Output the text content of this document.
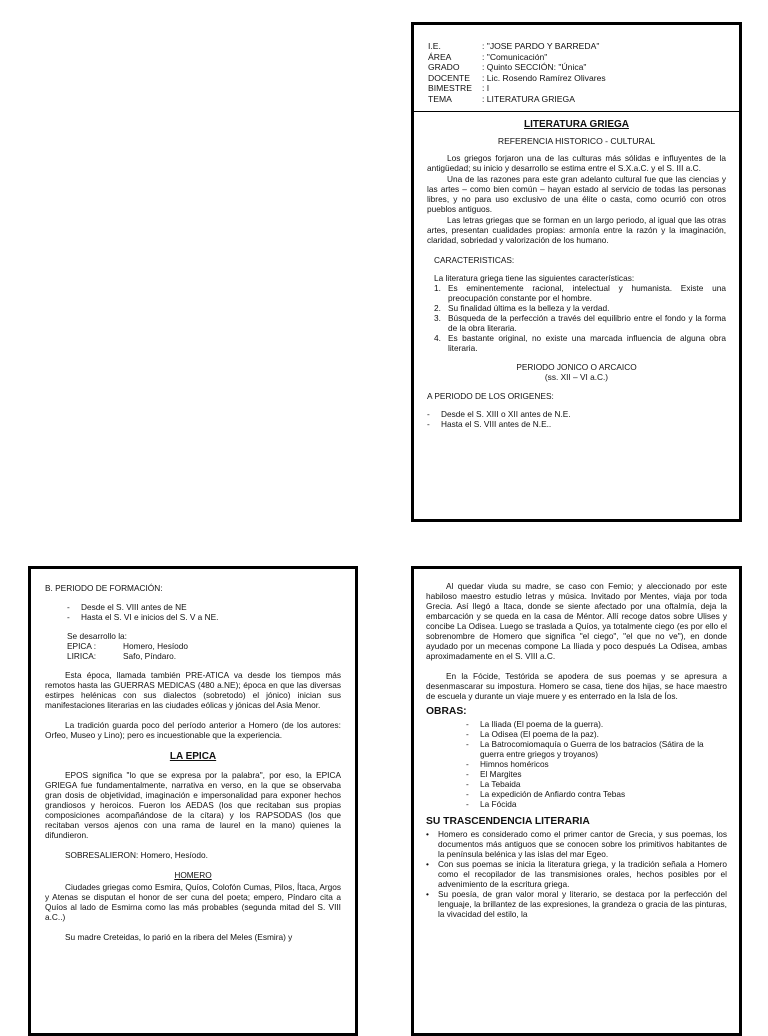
I.E.	: "JOSE PARDO Y BARREDA"
ÁREA	: "Comunicación"
GRADO	: Quinto SECCIÓN: "Única"
DOCENTE	: Lic. Rosendo Ramírez Olivares
BIMESTRE	: I
TEMA	: LITERATURA GRIEGA
LITERATURA GRIEGA
REFERENCIA HISTORICO - CULTURAL

Los griegos forjaron una de las culturas más sólidas e influyentes de la antigüedad; su inicio y desarrollo se estima entre el S.X.a.C. y el S. III a.C.

Una de las razones para este gran adelanto cultural fue que las ciencias y las artes – como bien común – hayan estado al servicio de todas las personas libres, y no para uso exclusivo de una élite o casta, como ocurrió con otros pueblos antiguos.

Las letras griegas que se forman en un largo periodo, al igual que las otras artes, presentan cualidades propias: armonía entre la razón y la imaginación, claridad, sobriedad y valorización de los humano.

CARACTERISTICAS:
La literatura griega tiene las siguientes características:
1. Es eminentemente racional, intelectual y humanista. Existe una preocupación constante por el hombre.
2. Su finalidad última es la belleza y la verdad.
3. Búsqueda de la perfección a través del equilibrio entre el fondo y la forma de la obra literaria.
4. Es bastante original, no existe una marcada influencia de alguna obra literaria.
PERIODO JONICO O ARCAICO
(ss. XII – VI a.C.)
A PERIODO DE LOS ORIGENES:
-	Desde el S. XIII o XII antes de N.E.
-	Hasta el S. VIII antes de N.E..
B. PERIODO DE FORMACIÓN:
-	Desde el S. VIII antes de NE
-	Hasta el S. VI e inicios del S. V a NE.
Se desarrollo la:
EPICA :	Homero, Hesíodo
LIRICA:	Safo, Píndaro.

Esta época, llamada también PRE-ATICA va desde los tiempos más remotos hasta las GUERRAS MEDICAS (480 a.NE); época en que las diversas estirpes helénicas con sus dialectos (sobretodo) el jónico) inician sus manifestaciones literarias en las ciudades eólicas y jónicas del Asia Menor.

La tradición guarda poco del período anterior a Homero (de los autores: Orfeo, Museo y Lino); pero es incuestionable que la experiencia.

LA EPICA

EPOS significa "lo que se expresa por la palabra", por eso, la EPICA GRIEGA fue fundamentalmente, narrativa en verso, en la que se observaba gran dosis de objetividad, imaginación e impersonalidad para exponer hechos grandiosos y heroicos. Fueron los AEDAS (los que recitaban sus propias composiciones acompañándose de la cítara) y los RAPSODAS (los que recitaban versos ajenos con una rama de laurel en la mano) quienes la difundieron.

SOBRESALIERON: Homero, Hesíodo.

HOMERO

Ciudades griegas como Esmira, Quíos, Colofón Cumas, Pilos, Ítaca, Argos y Atenas se disputan el honor de ser cuna del poeta; empero, Píndaro cita a Quíos al lado de Esmirna como las más probables (segunda mitad del S. VIII a.C..)

Su madre Creteidas, lo parió en la ribera del Meles (Esmira) y

Al quedar viuda su madre, se caso con Femio; y aleccionado por este habiloso maestro estudio letras y música. Invitado por Mentes, viaja por toda Grecia. Así llegó a Itaca, donde se siente afectado por una oftalmía, deja la embarcación y se queda en la casa de Méntor. Allí recoge datos sobre Ulises y concibe La Odisea. Luego se traslada a Quíos, ya totalmente ciego (es por ello el sobrenombre de Homero que significa "el ciego", "el que no ve"), en donde ayudado por un mecenas compone La Iliada y poco después La Odisea, ambas aproximadamente en el S. VIII a.C.

En la Fócide, Testórida se apodera de sus poemas y se apresura a desenmascarar su impostura. Homero se casa, tiene dos hijas, se hace maestro de escuela y durante un viaje muere y es enterrado en la Isla de Íos.

OBRAS:
-	La Iliada (El poema de la guerra).
-	La Odisea (El poema de la paz).
-	La Batrocomiomaquía o Guerra de los batracios (Sátira de la guerra entre griegos y troyanos)
-	Himnos homéricos
-	El Margites
-	La Tebaida
-	La expedición de Anfiardo contra Tebas
-	La Fócida
SU TRASCENDENCIA LITERARIA
•	Homero es considerado como el primer cantor de Grecia, y sus poemas, los documentos más antiguos que se conocen sobre los primitivos habitantes de la península belénica y las islas del mar Egeo.
•	Con sus poemas se inicia la literatura griega, y la tradición señala a Homero como el recopilador de las transmisiones orales, hechos posibles por el advenimiento de la escritura griega.
•	Su poesía, de gran valor moral y literario, se destaca por la perfección del lenguaje, la brillantez de las expresiones, la grandeza o gracia de las pinturas, la vivacidad del estilo, la
